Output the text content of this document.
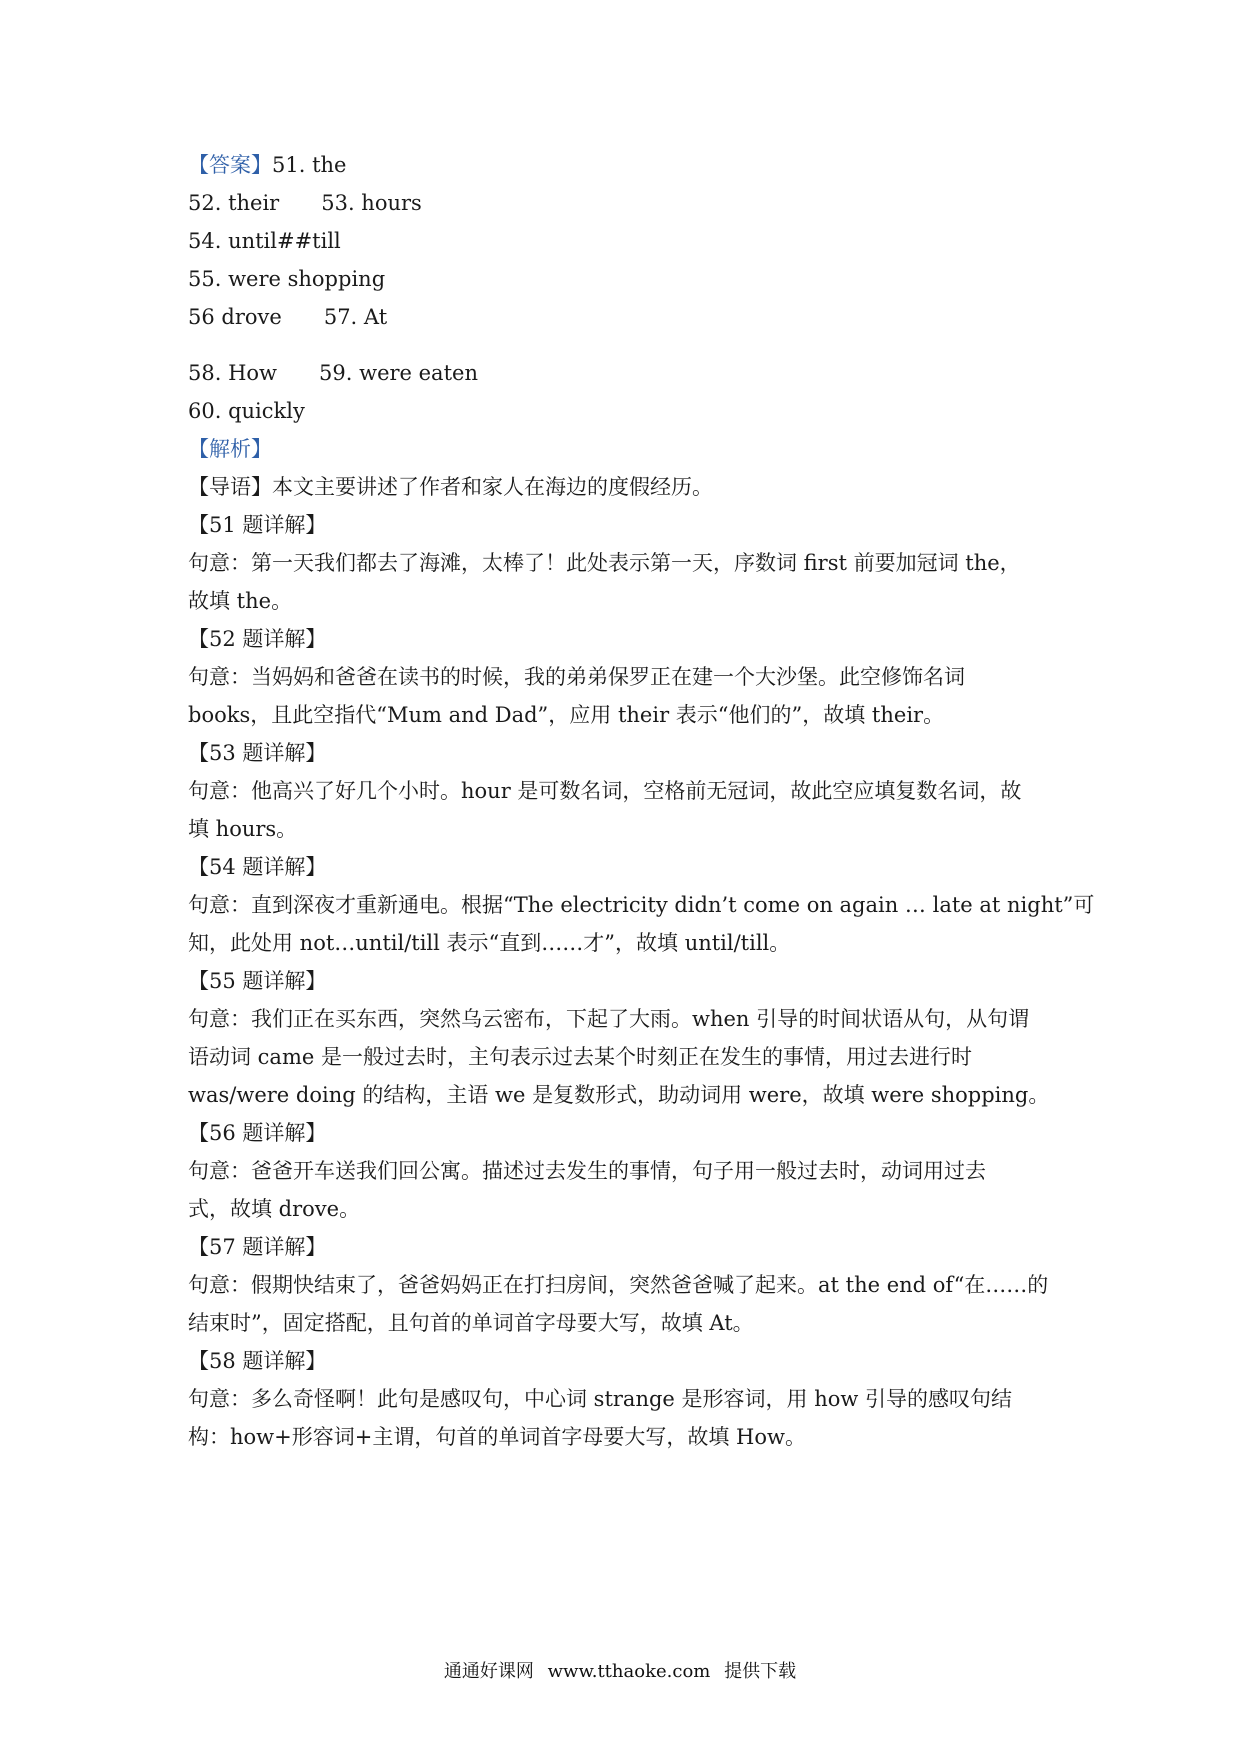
【答案】51. the
52. their 53. hours
54. until##till
55. were shopping
56 drove 57. At
58. How 59. were eaten
60. quickly
【解析】
【导语】本文主要讲述了作者和家人在海边的度假经历。
【51 题详解】
句意：第一天我们都去了海滩，太棒了！此处表示第一天，序数词 first 前要加冠词 the，
故填 the。
【52 题详解】
句意：当妈妈和爸爸在读书的时候，我的弟弟保罗正在建一个大沙堡。此空修饰名词
books，且此空指代“Mum and Dad”，应用 their 表示“他们的”，故填 their。
【53 题详解】
句意：他高兴了好几个小时。hour 是可数名词，空格前无冠词，故此空应填复数名词，故
填 hours。
【54 题详解】
句意：直到深夜才重新通电。根据“The electricity didn’t come on again … late at night”可
知，此处用 not…until/till 表示“直到……才”，故填 until/till。
【55 题详解】
句意：我们正在买东西，突然乌云密布，下起了大雨。when 引导的时间状语从句，从句谓
语动词 came 是一般过去时，主句表示过去某个时刻正在发生的事情，用过去进行时
was/were doing 的结构，主语 we 是复数形式，助动词用 were，故填 were shopping。
【56 题详解】
句意：爸爸开车送我们回公寓。描述过去发生的事情，句子用一般过去时，动词用过去
式，故填 drove。
【57 题详解】
句意：假期快结束了，爸爸妈妈正在打扫房间，突然爸爸喊了起来。at the end of“在……的
结束时”，固定搭配，且句首的单词首字母要大写，故填 At。
【58 题详解】
句意：多么奇怪啊！此句是感叹句，中心词 strange 是形容词，用 how 引导的感叹句结
构：how+形容词+主谓，句首的单词首字母要大写，故填 How。
通通好课网 www.tthaoke.com 提供下载
